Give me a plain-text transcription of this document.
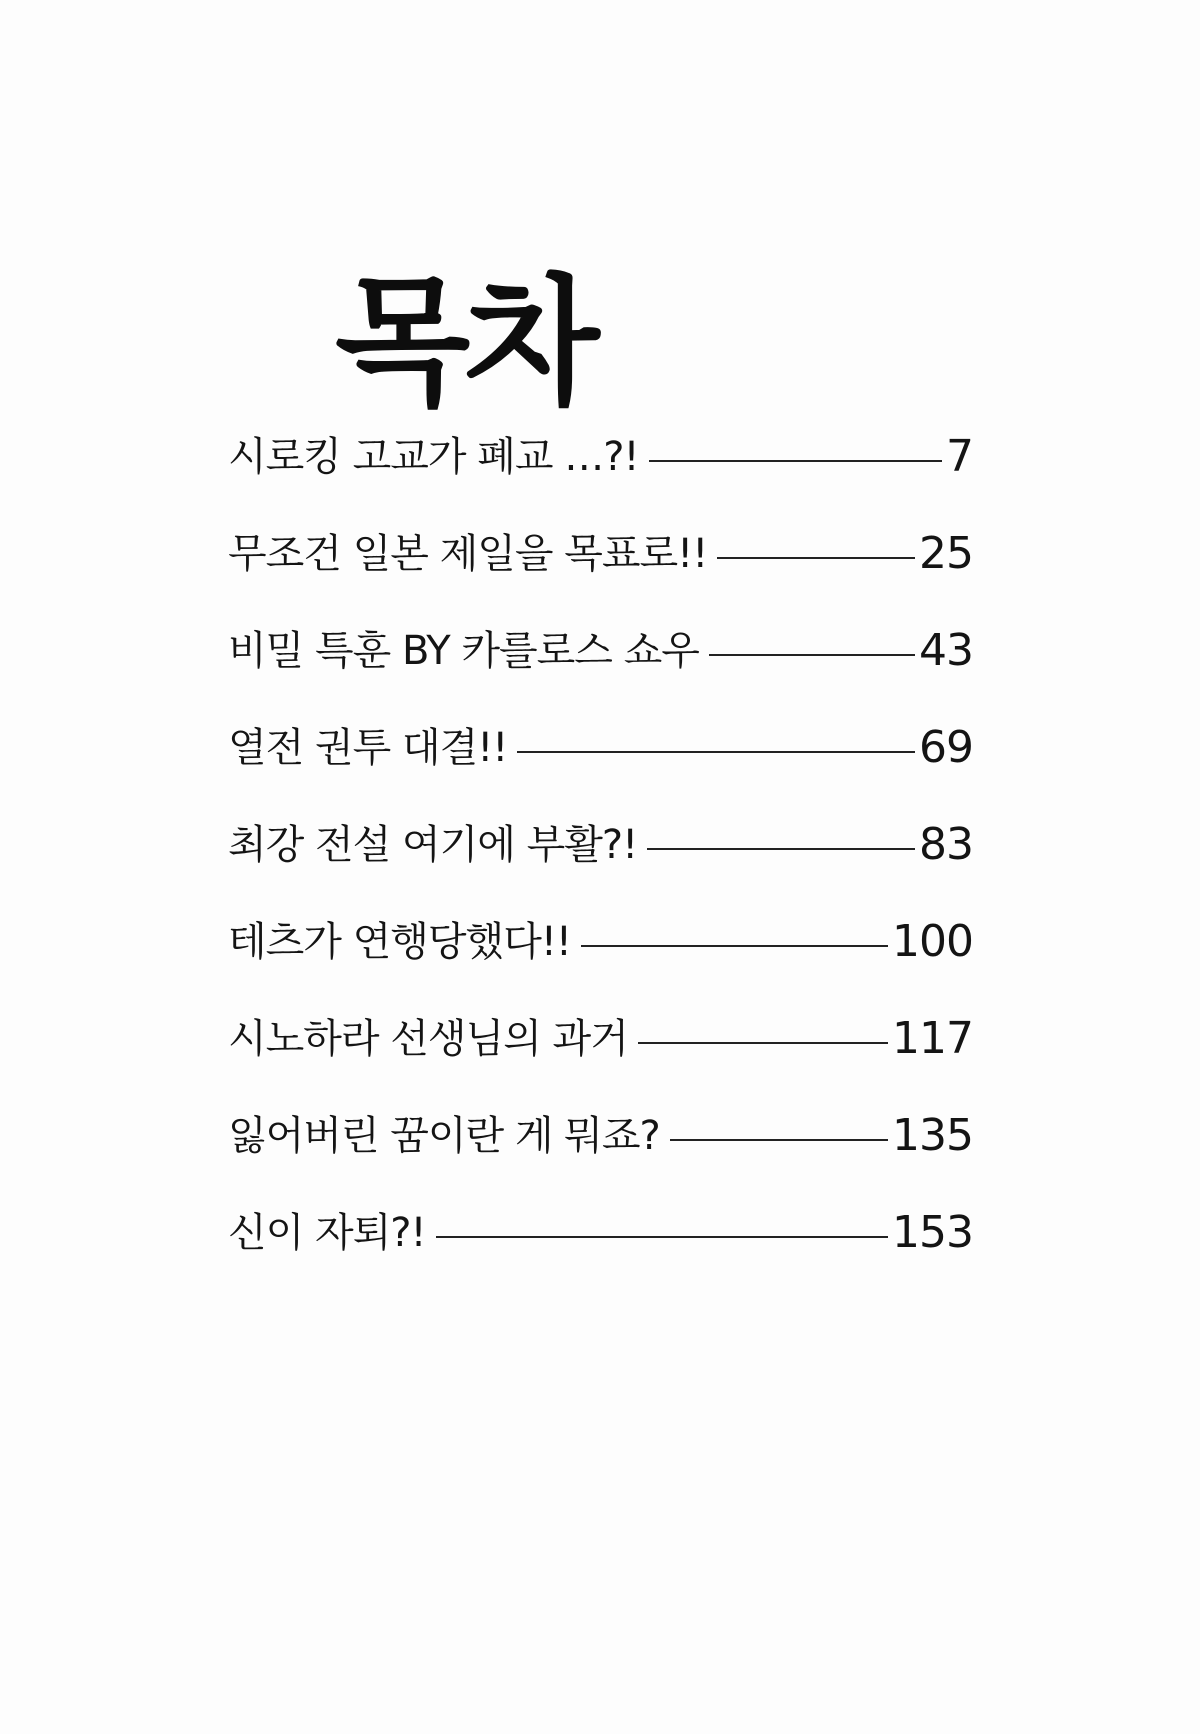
목차
시로킹 고교가 폐교 …?!	7
무조건 일본 제일을 목표로!!	25
비밀 특훈 BY 카를로스 쇼우	43
열전 권투 대결!!	69
최강 전설 여기에 부활?!	83
테츠가 연행당했다!!	100
시노하라 선생님의 과거	117
잃어버린 꿈이란 게 뭐죠?	135
신이 자퇴?!	153
